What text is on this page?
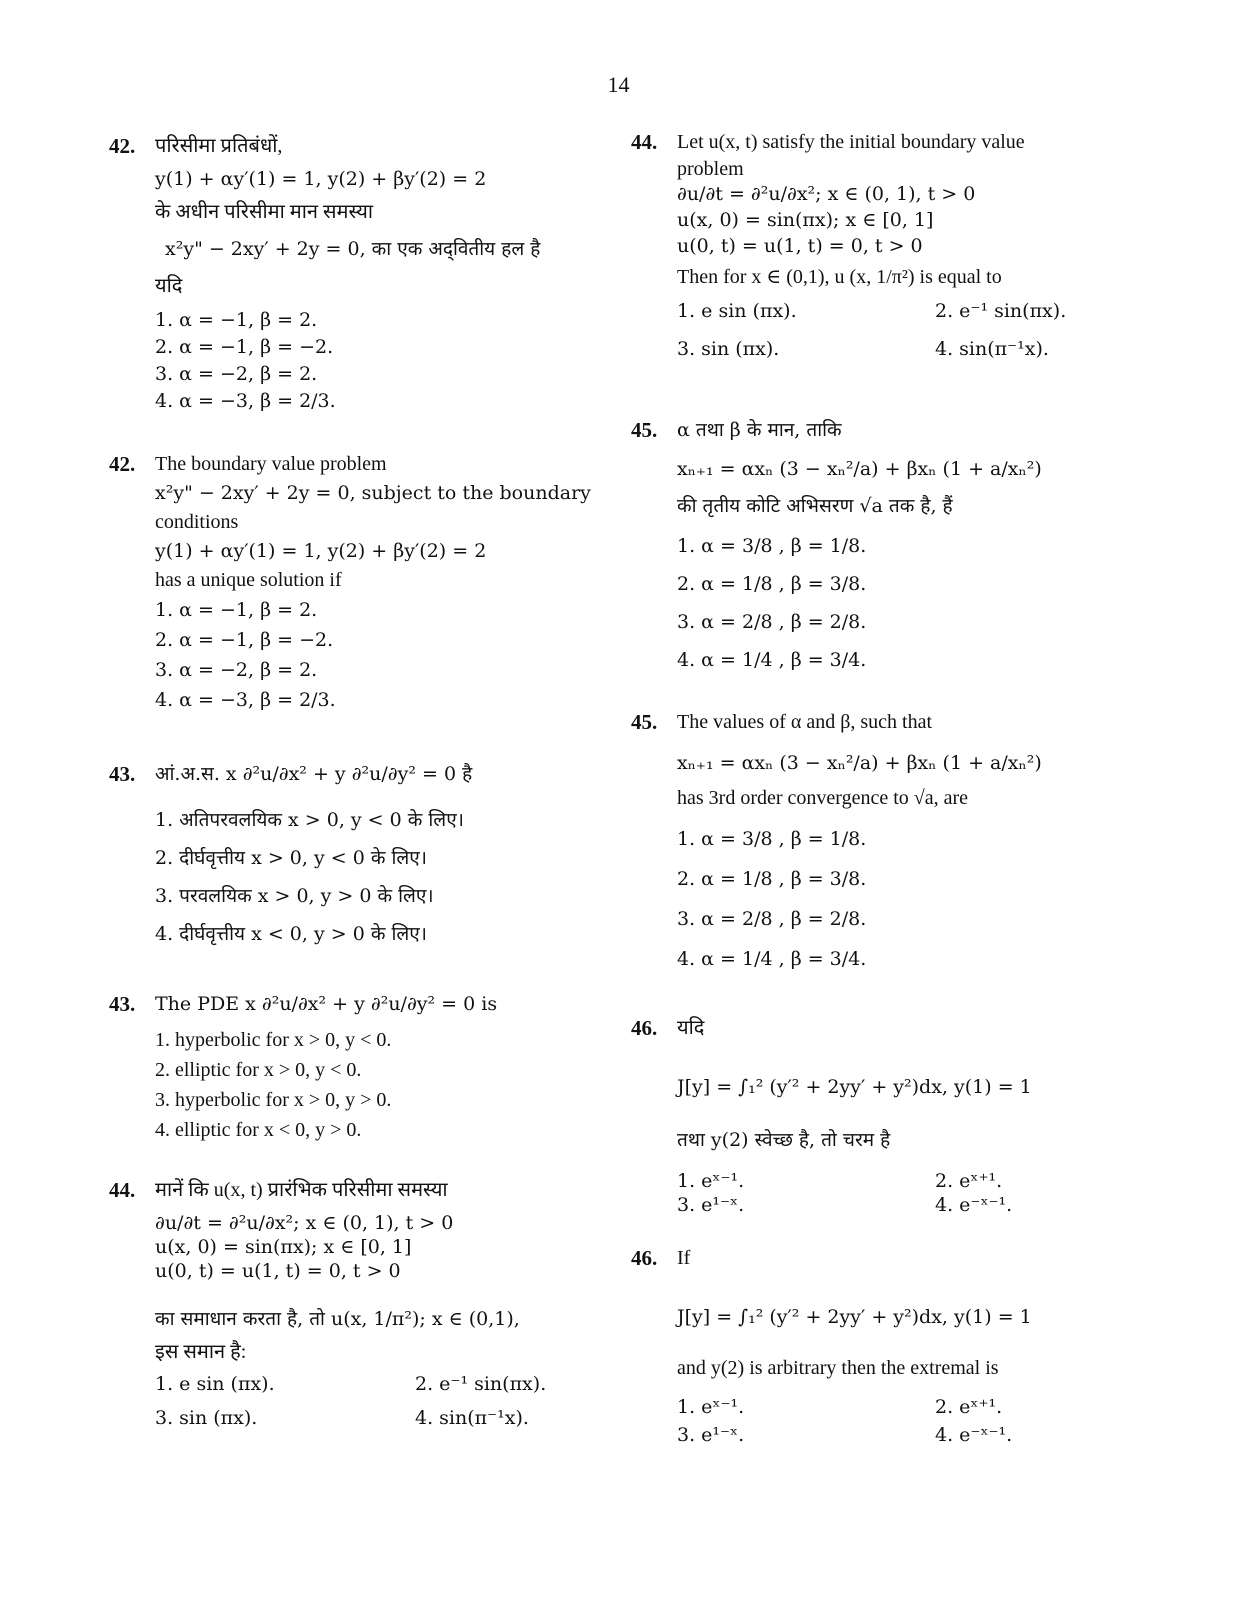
14
42. परिसीमा प्रतिबंधों,
y(1) + αy′(1) = 1, y(2) + βy′(2) = 2
के अधीन परिसीमा मान समस्या
x²y" − 2xy′ + 2y = 0, का एक अद्‌वितीय हल है
यदि
1. α = −1, β = 2.
2. α = −1, β = −2.
3. α = −2, β = 2.
4. α = −3, β = 2/3.
42. The boundary value problem
x²y" − 2xy′ + 2y = 0, subject to the boundary
conditions
y(1) + αy′(1) = 1, y(2) + βy′(2) = 2
has a unique solution if
1. α = −1, β = 2.
2. α = −1, β = −2.
3. α = −2, β = 2.
4. α = −3, β = 2/3.
43. आं.अ.स. x ∂²u/∂x² + y ∂²u/∂y² = 0 है
1. अतिपरवलयिक x > 0, y < 0 के लिए।
2. दीर्घवृत्तीय x > 0, y < 0 के लिए।
3. परवलयिक x > 0, y > 0 के लिए।
4. दीर्घवृत्तीय x < 0, y > 0 के लिए।
43. The PDE x ∂²u/∂x² + y ∂²u/∂y² = 0 is
1. hyperbolic for x > 0, y < 0.
2. elliptic for x > 0, y < 0.
3. hyperbolic for x > 0, y > 0.
4. elliptic for x < 0, y > 0.
44. मानें कि u(x, t) प्रारंभिक परिसीमा समस्या
∂u/∂t = ∂²u/∂x²; x ∈ (0, 1), t > 0
u(x, 0) = sin(πx); x ∈ [0, 1]
u(0, t) = u(1, t) = 0, t > 0
का समाधान करता है, तो u(x, 1/π²); x ∈ (0,1),
इस समान है:
1. e sin (πx).	2. e⁻¹ sin(πx).
3. sin (πx).	4. sin(π⁻¹x).
44. Let u(x, t) satisfy the initial boundary value
problem
∂u/∂t = ∂²u/∂x²; x ∈ (0, 1), t > 0
u(x, 0) = sin(πx); x ∈ [0, 1]
u(0, t) = u(1, t) = 0, t > 0
Then for x ∈ (0,1), u (x, 1/π²) is equal to
1. e sin (πx).	2. e⁻¹ sin(πx).
3. sin (πx).	4. sin(π⁻¹x).
45. α तथा β के मान, ताकि
xₙ₊₁ = αxₙ (3 − xₙ²/a) + βxₙ (1 + a/xₙ²)
की तृतीय कोटि अभिसरण √a तक है, हैं
1. α = 3/8 , β = 1/8.
2. α = 1/8 , β = 3/8.
3. α = 2/8 , β = 2/8.
4. α = 1/4 , β = 3/4.
45. The values of α and β, such that
xₙ₊₁ = αxₙ (3 − xₙ²/a) + βxₙ (1 + a/xₙ²)
has 3rd order convergence to √a, are
1. α = 3/8 , β = 1/8.
2. α = 1/8 , β = 3/8.
3. α = 2/8 , β = 2/8.
4. α = 1/4 , β = 3/4.
46. यदि
J[y] = ∫₁² (y′² + 2yy′ + y²)dx, y(1) = 1
तथा y(2) स्वेच्छ है, तो चरम है
1. eˣ⁻¹.	2. eˣ⁺¹.
3. e¹⁻ˣ.	4. e⁻ˣ⁻¹.
46. If
J[y] = ∫₁² (y′² + 2yy′ + y²)dx, y(1) = 1
and y(2) is arbitrary then the extremal is
1. eˣ⁻¹.	2. eˣ⁺¹.
3. e¹⁻ˣ.	4. e⁻ˣ⁻¹.
